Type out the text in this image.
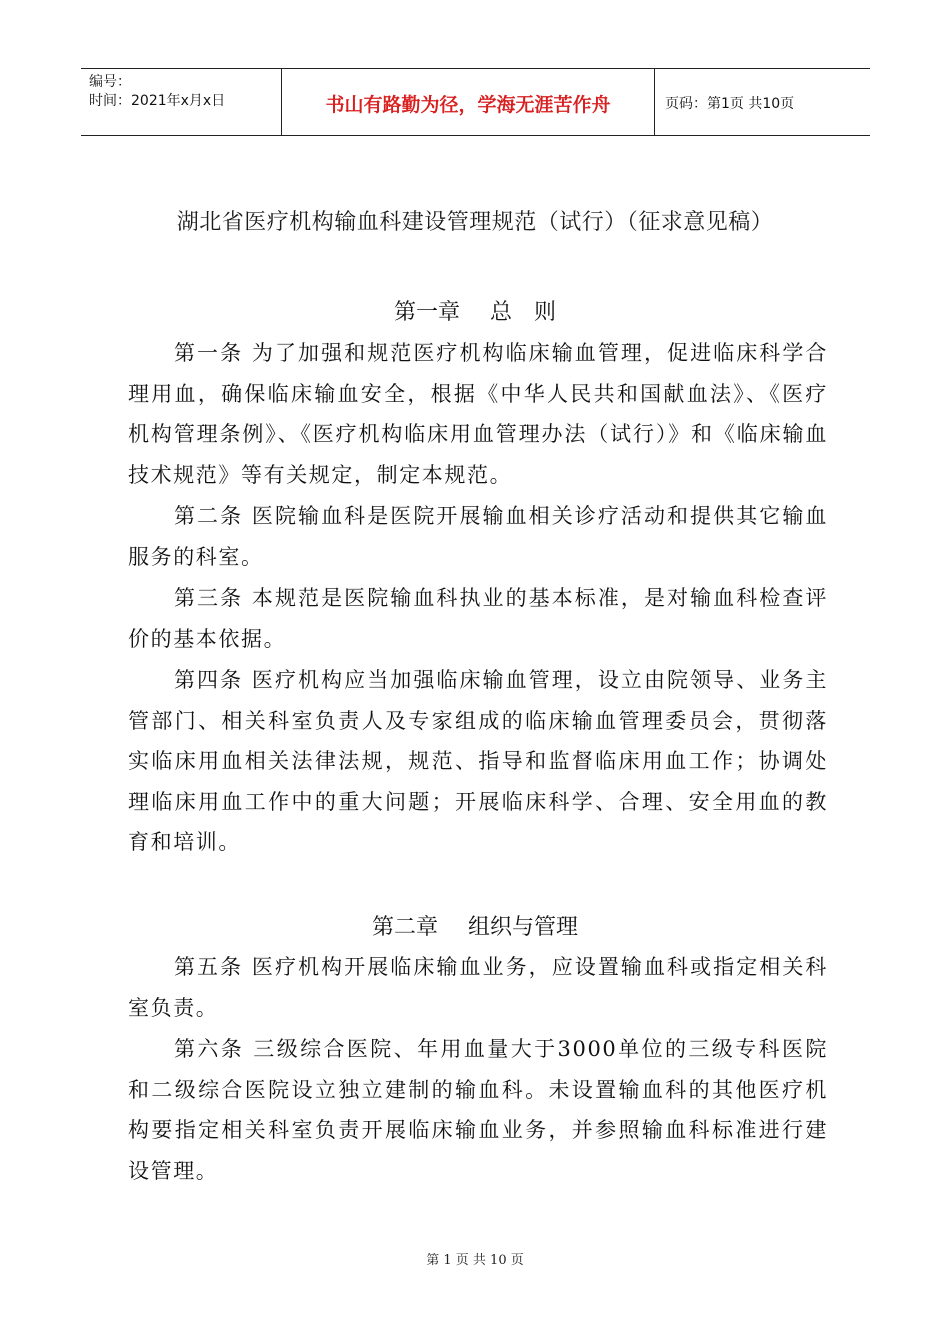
编号：
时间：2021年x月x日	书山有路勤为径，学海无涯苦作舟	页码：第1页 共10页
湖北省医疗机构输血科建设管理规范（试行）（征求意见稿）
第一章 总　则
第一条 为了加强和规范医疗机构临床输血管理，促进临床科学合理用血，确保临床输血安全，根据《中华人民共和国献血法》、《医疗机构管理条例》、《医疗机构临床用血管理办法（试行）》和《临床输血技术规范》等有关规定，制定本规范。
第二条 医院输血科是医院开展输血相关诊疗活动和提供其它输血服务的科室。
第三条 本规范是医院输血科执业的基本标准，是对输血科检查评价的基本依据。
第四条 医疗机构应当加强临床输血管理，设立由院领导、业务主管部门、相关科室负责人及专家组成的临床输血管理委员会，贯彻落实临床用血相关法律法规，规范、指导和监督临床用血工作；协调处理临床用血工作中的重大问题；开展临床科学、合理、安全用血的教育和培训。
第二章 组织与管理
第五条 医疗机构开展临床输血业务，应设置输血科或指定相关科室负责。
第六条 三级综合医院、年用血量大于3000单位的三级专科医院和二级综合医院设立独立建制的输血科。未设置输血科的其他医疗机构要指定相关科室负责开展临床输血业务，并参照输血科标准进行建设管理。
第 1 页 共 10 页
